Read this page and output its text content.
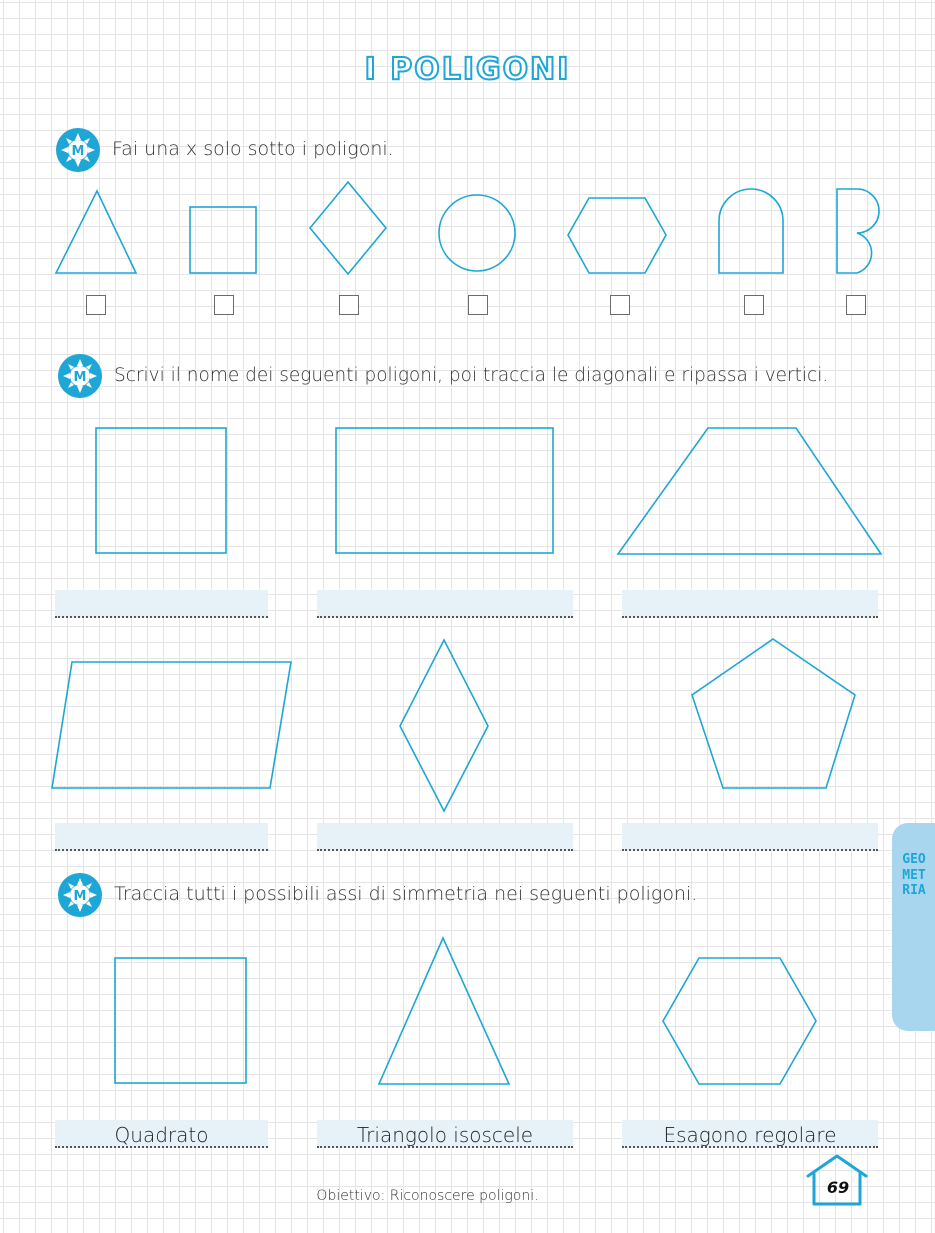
I POLIGONI
M Fai una x solo sotto i poligoni.
M Scrivi il nome dei seguenti poligoni, poi traccia le diagonali e ripassa i vertici.
M Traccia tutti i possibili assi di simmetria nei seguenti poligoni.
Quadrato	Triangolo isoscele	Esagono regolare
GEOMETRIA
Obiettivo: Riconoscere poligoni.	69
